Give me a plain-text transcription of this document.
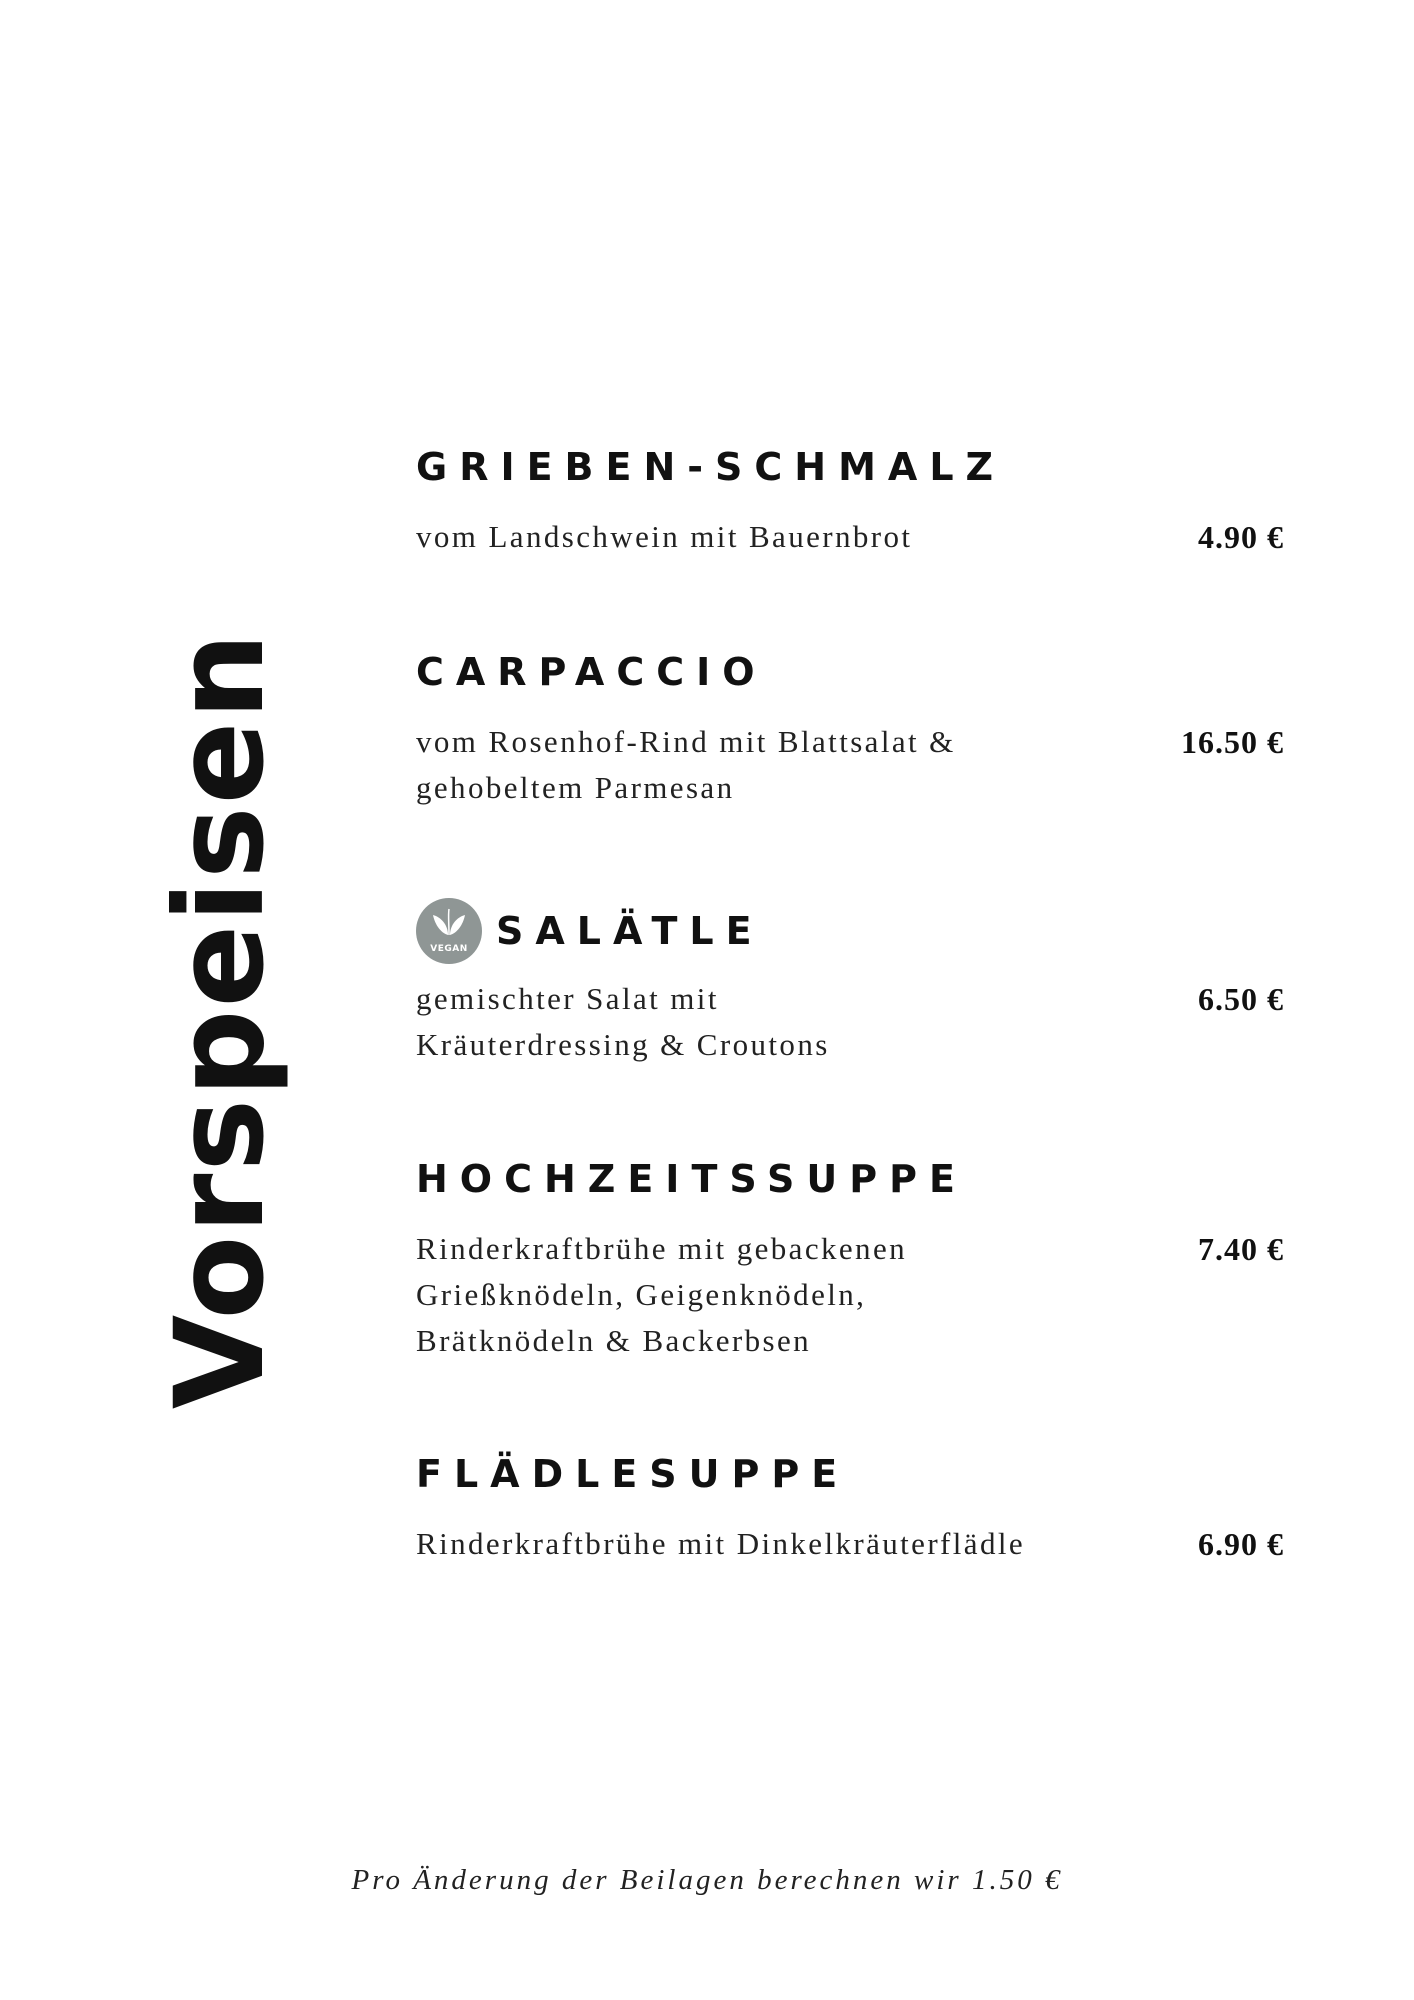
Vorspeisen
GRIEBEN-SCHMALZ
vom Landschwein mit Bauernbrot	4.90 €
CARPACCIO
vom Rosenhof-Rind mit Blattsalat &
gehobeltem Parmesan
16.50 €
VEGAN SALÄTLE
gemischter Salat mit
Kräuterdressing & Croutons
6.50 €
HOCHZEITSSUPPE
Rinderkraftbrühe mit gebackenen
Grießknödeln, Geigenknödeln,
Brätknödeln & Backerbsen
7.40 €
FLÄDLESUPPE
Rinderkraftbrühe mit Dinkelkräuterflädle	6.90 €
Pro Änderung der Beilagen berechnen wir 1.50 €
